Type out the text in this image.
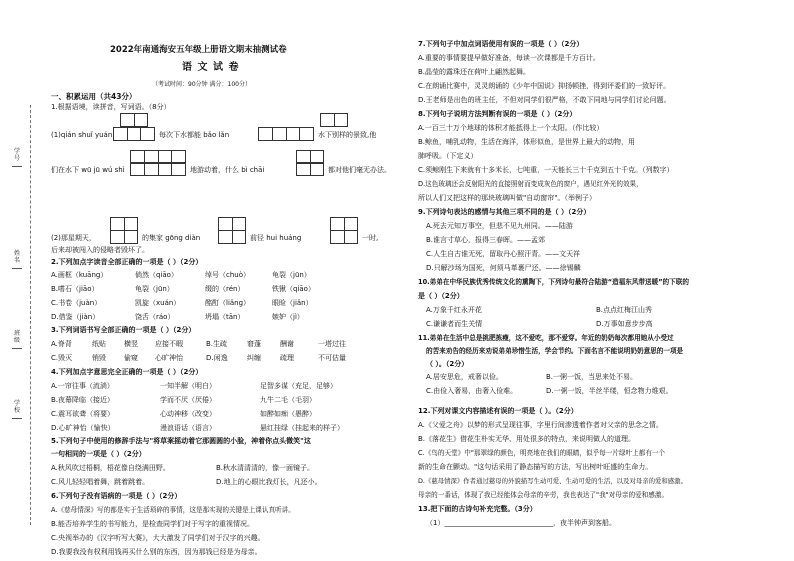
学号
姓名
班级
学校
2022年南通海安五年级上册语文期末抽测试卷
语 文 试 卷
（考试时间：90分钟 满分：100分）
一、积累运用（共43分）
1.根据语境，读拼音，写词语。（8分）
(1)qián shuǐ yuán	每次下水都能 bǎo lǎn	水下别样的景致,他
们在水下 wū jū wú shì	地游动着，什么 bì chāi	都对他们毫无办法。
(2)那星期天，	的集家 gōng diàn	前径 hui huáng	一时,
后来却被闯入的侵略者毁坏了。
2.下列加点字读音全部正确的一项是（ ）（2分）
A.画框（kuāng）	倘然（qiāo）	绰号（chuò）	龟裂（jūn）
B.嗜石（jiāo）	龟裂（jūn）	缀的（rén）	铁锹（qiāo）
C.书卷（juàn）	凯旋（xuán）	酩酊（liǎng）	眼睑（jiǎn）
D.借鉴（jiàn）	饶舌（ráo）	坍塌（tān）	嫉妒（jì）
3.下列词语书写全部正确的一项是（ ）（2分）
A.脊背	纸贴	横竖 应接不暇	B.生疏	窘蓬	酬谢	一塔过往
C.毁灭	销毁	偷窥 心旷神怡	D.闲逸	纠缠	疏理	不可估量
4.下列加点字意思完全正确的一项是（ ）（2分）
A.一帘往事（流淌）	一知半解（明白）	足智多谋（充足，足够）
B.夜幕降临（接近）	学而不厌（厌倦）	九牛二毛（毛羽）
C.震耳欲聋（将要）	心动神移（改变）	如醉如痴（愚醉）
D.心旷神怡（愉快）	漫浪语话（语言）	悬红挂绿（挂起来的样子）
5.下列句子中使用的修辞手法与"将草案摇动着它那圆圆的小脸，神着你点头微笑"这
一句相同的一项是（ ）（2分）
A.秋风吹过梧桐，梧花像自绕满田野。	B.秋水清清清的，像一面镜子。
C.风儿轻轻唱着舞，跳着跳着。	D.地上的心眼比我灯长，凡还小。
6.下列句子没有语病的一项是（ ）（2分）
A.《慈母情深》写的都是实于生活琐碎的事情，这是那实现的关键是上课认真听讲。
B.能否培养学生的书写能力，是检查同学们对于写字的重视情况。
C.央视举办的《汉字听写大赛》，大大激发了同学们对于汉字的兴趣。
D.我要我没有权利用钱再买什么别的东西，因为那钱已经是为母亲。
7.下列句子中加点词语使用有误的一项是（ ）（2分）
A.重要的事情要提早做好准备，每读一次课都是千方百计。
B.晶莹的露珠还在荷叶上翩然起舞。
C.在朗诵比赛中，灵灵朗诵的《少年中国说》抑扬顿挫，得到评委们的一致好评。
D.王老师是出色的班主任，不但对同学们很严格，不敢下同地与同学们讨论问题。
8.下列句子说明方法判断有误的一项是（ ）（2分）
A.一百三十万个地球的体积才能抵得上一个太阳。（作比较）
B.鲸鱼，哺乳动物，生活在海洋，体形似鱼，是世界上最大的动物，用
肺呼吸。（下定义）
C.须鲸刚生下来就有十多米长，七吨重，一天能长三十千克到五十千克。（列数字）
D.这色玻璃还会反射阳光的直接照射而变成灰色的窗户，遇见红外光的效果，
所以人们又把这样的那块玻璃叫做"自动窗帘"。（举例子）
9.下列诗句表达的感情与其他三项不同的是（ ）（2分）
A.死去元知万事空，但悲不见九州同。——陆游
B.谁言寸草心，报得三春晖。——孟郊
C.人生自古谁无死，留取丹心照汗青。——文天祥
D.只解沙场为国死，何须马革裹尸还。——徐锡麟
10.弟弟在中华民族优秀传统文化的熏陶下，下列诗句最符合陆游“造福东风带送暖”的下联的
是（ ）（2分）
A.万象千红永开花	B.点点红梅江山秀
C.谦谦者而生关情	D.万事如意步步高
11.弟弟在生活中总是挑肥拣瘦，这不爱吃，那不爱穿。年近的奶奶每次都用她从小受过
的苦来劝告的经历来劝说弟弟珍惜生活，学会节约。下面名言不能说明奶奶意思的一项是
（ ）。（2分）
A.居安思危，戒奢以俭。	B.一粥一饭，当思来处不易。
C.由俭入奢易，由奢入俭难。	D.一粥一饭，半丝半缕，恒念物力维艰。
12.下列对课文内容描述有误的一项是（ ）。（2分）
A.《父爱之舟》以梦的形式呈现往事，字里行间渗透着作者对父亲的思念之情。
B.《落花生》借花生朴实无华、用处很多的特点，来说明做人的道理。
C.《鸟的天堂》中"那翠绿的颜色，明亮地在我们的眼睛，似乎每一片绿叶上都有一个
新的生命在颤动。"这句话采用了静态描写的方法，写出树叶旺盛的生命力。
D.《慈母情深》作者通过慈母的外貌描写生动可爱、生动可爱的生活，以及对母亲的爱和感激。
母亲的一番话，体现了我已经能体会母亲的辛劳，我也表达了"我"对母亲的爱和感激。
13.把下面的古诗句补充完整。（3分）
（1）_______________________________，夜半钟声到客船。
